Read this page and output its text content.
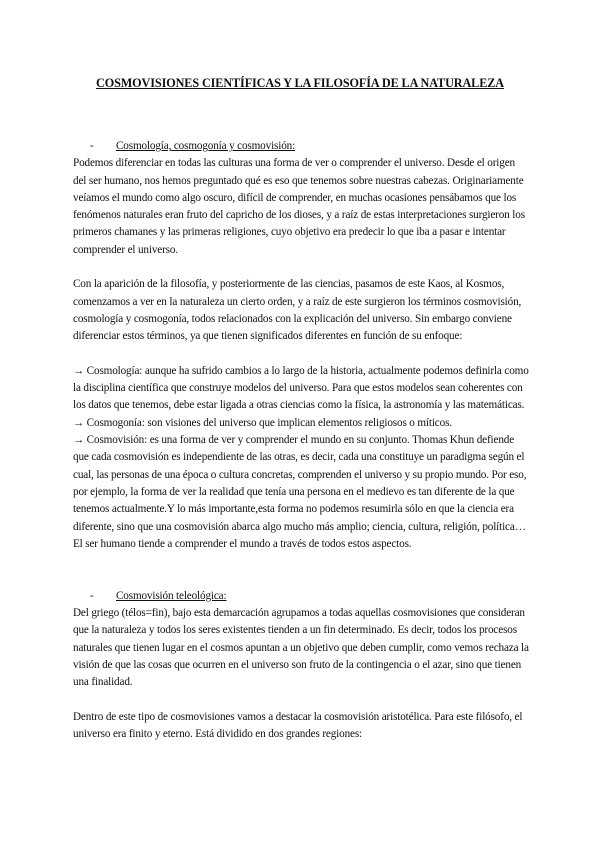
COSMOVISIONES CIENTÍFICAS Y LA FILOSOFÍA DE LA NATURALEZA
- Cosmología, cosmogonía y cosmovisión:

Podemos diferenciar en todas las culturas una forma de ver o comprender el universo. Desde el origen del ser humano, nos hemos preguntado qué es eso que tenemos sobre nuestras cabezas. Originariamente veíamos el mundo como algo oscuro, difícil de comprender, en muchas ocasiones pensábamos que los fenómenos naturales eran fruto del capricho de los dioses, y a raíz de estas interpretaciones surgieron los primeros chamanes y las primeras religiones, cuyo objetivo era predecir lo que iba a pasar e intentar comprender el universo.

Con la aparición de la filosofía, y posteriormente de las ciencias, pasamos de este Kaos, al Kosmos, comenzamos a ver en la naturaleza un cierto orden, y a raíz de este surgieron los términos cosmovisión, cosmología y cosmogonía, todos relacionados con la explicación del universo. Sin embargo conviene diferenciar estos términos, ya que tienen significados diferentes en función de su enfoque:

→ Cosmología: aunque ha sufrido cambios a lo largo de la historia, actualmente podemos definirla como la disciplina científica que construye modelos del universo. Para que estos modelos sean coherentes con los datos que tenemos, debe estar ligada a otras ciencias como la física, la astronomía y las matemáticas.

→ Cosmogonía: son visiones del universo que implican elementos religiosos o míticos.

→ Cosmovisión: es una forma de ver y comprender el mundo en su conjunto. Thomas Khun defiende que cada cosmovisión es independiente de las otras, es decir, cada una constituye un paradigma según el cual, las personas de una época o cultura concretas, comprenden el universo y su propio mundo. Por eso, por ejemplo, la forma de ver la realidad que tenía una persona en el medievo es tan diferente de la que tenemos actualmente.Y lo más importante,esta forma no podemos resumirla sólo en que la ciencia era diferente, sino que una cosmovisión abarca algo mucho más amplio; ciencia, cultura, religión, política… El ser humano tiende a comprender el mundo a través de todos estos aspectos.

- Cosmovisión teleológica:

Del griego (télos=fin), bajo esta demarcación agrupamos a todas aquellas cosmovisiones que consideran que la naturaleza y todos los seres existentes tienden a un fin determinado. Es decir, todos los procesos naturales que tienen lugar en el cosmos apuntan a un objetivo que deben cumplir, como vemos rechaza la visión de que las cosas que ocurren en el universo son fruto de la contingencia o el azar, sino que tienen una finalidad.

Dentro de este tipo de cosmovisiones vamos a destacar la cosmovisión aristotélica. Para este filósofo, el universo era finito y eterno. Está dividido en dos grandes regiones:
